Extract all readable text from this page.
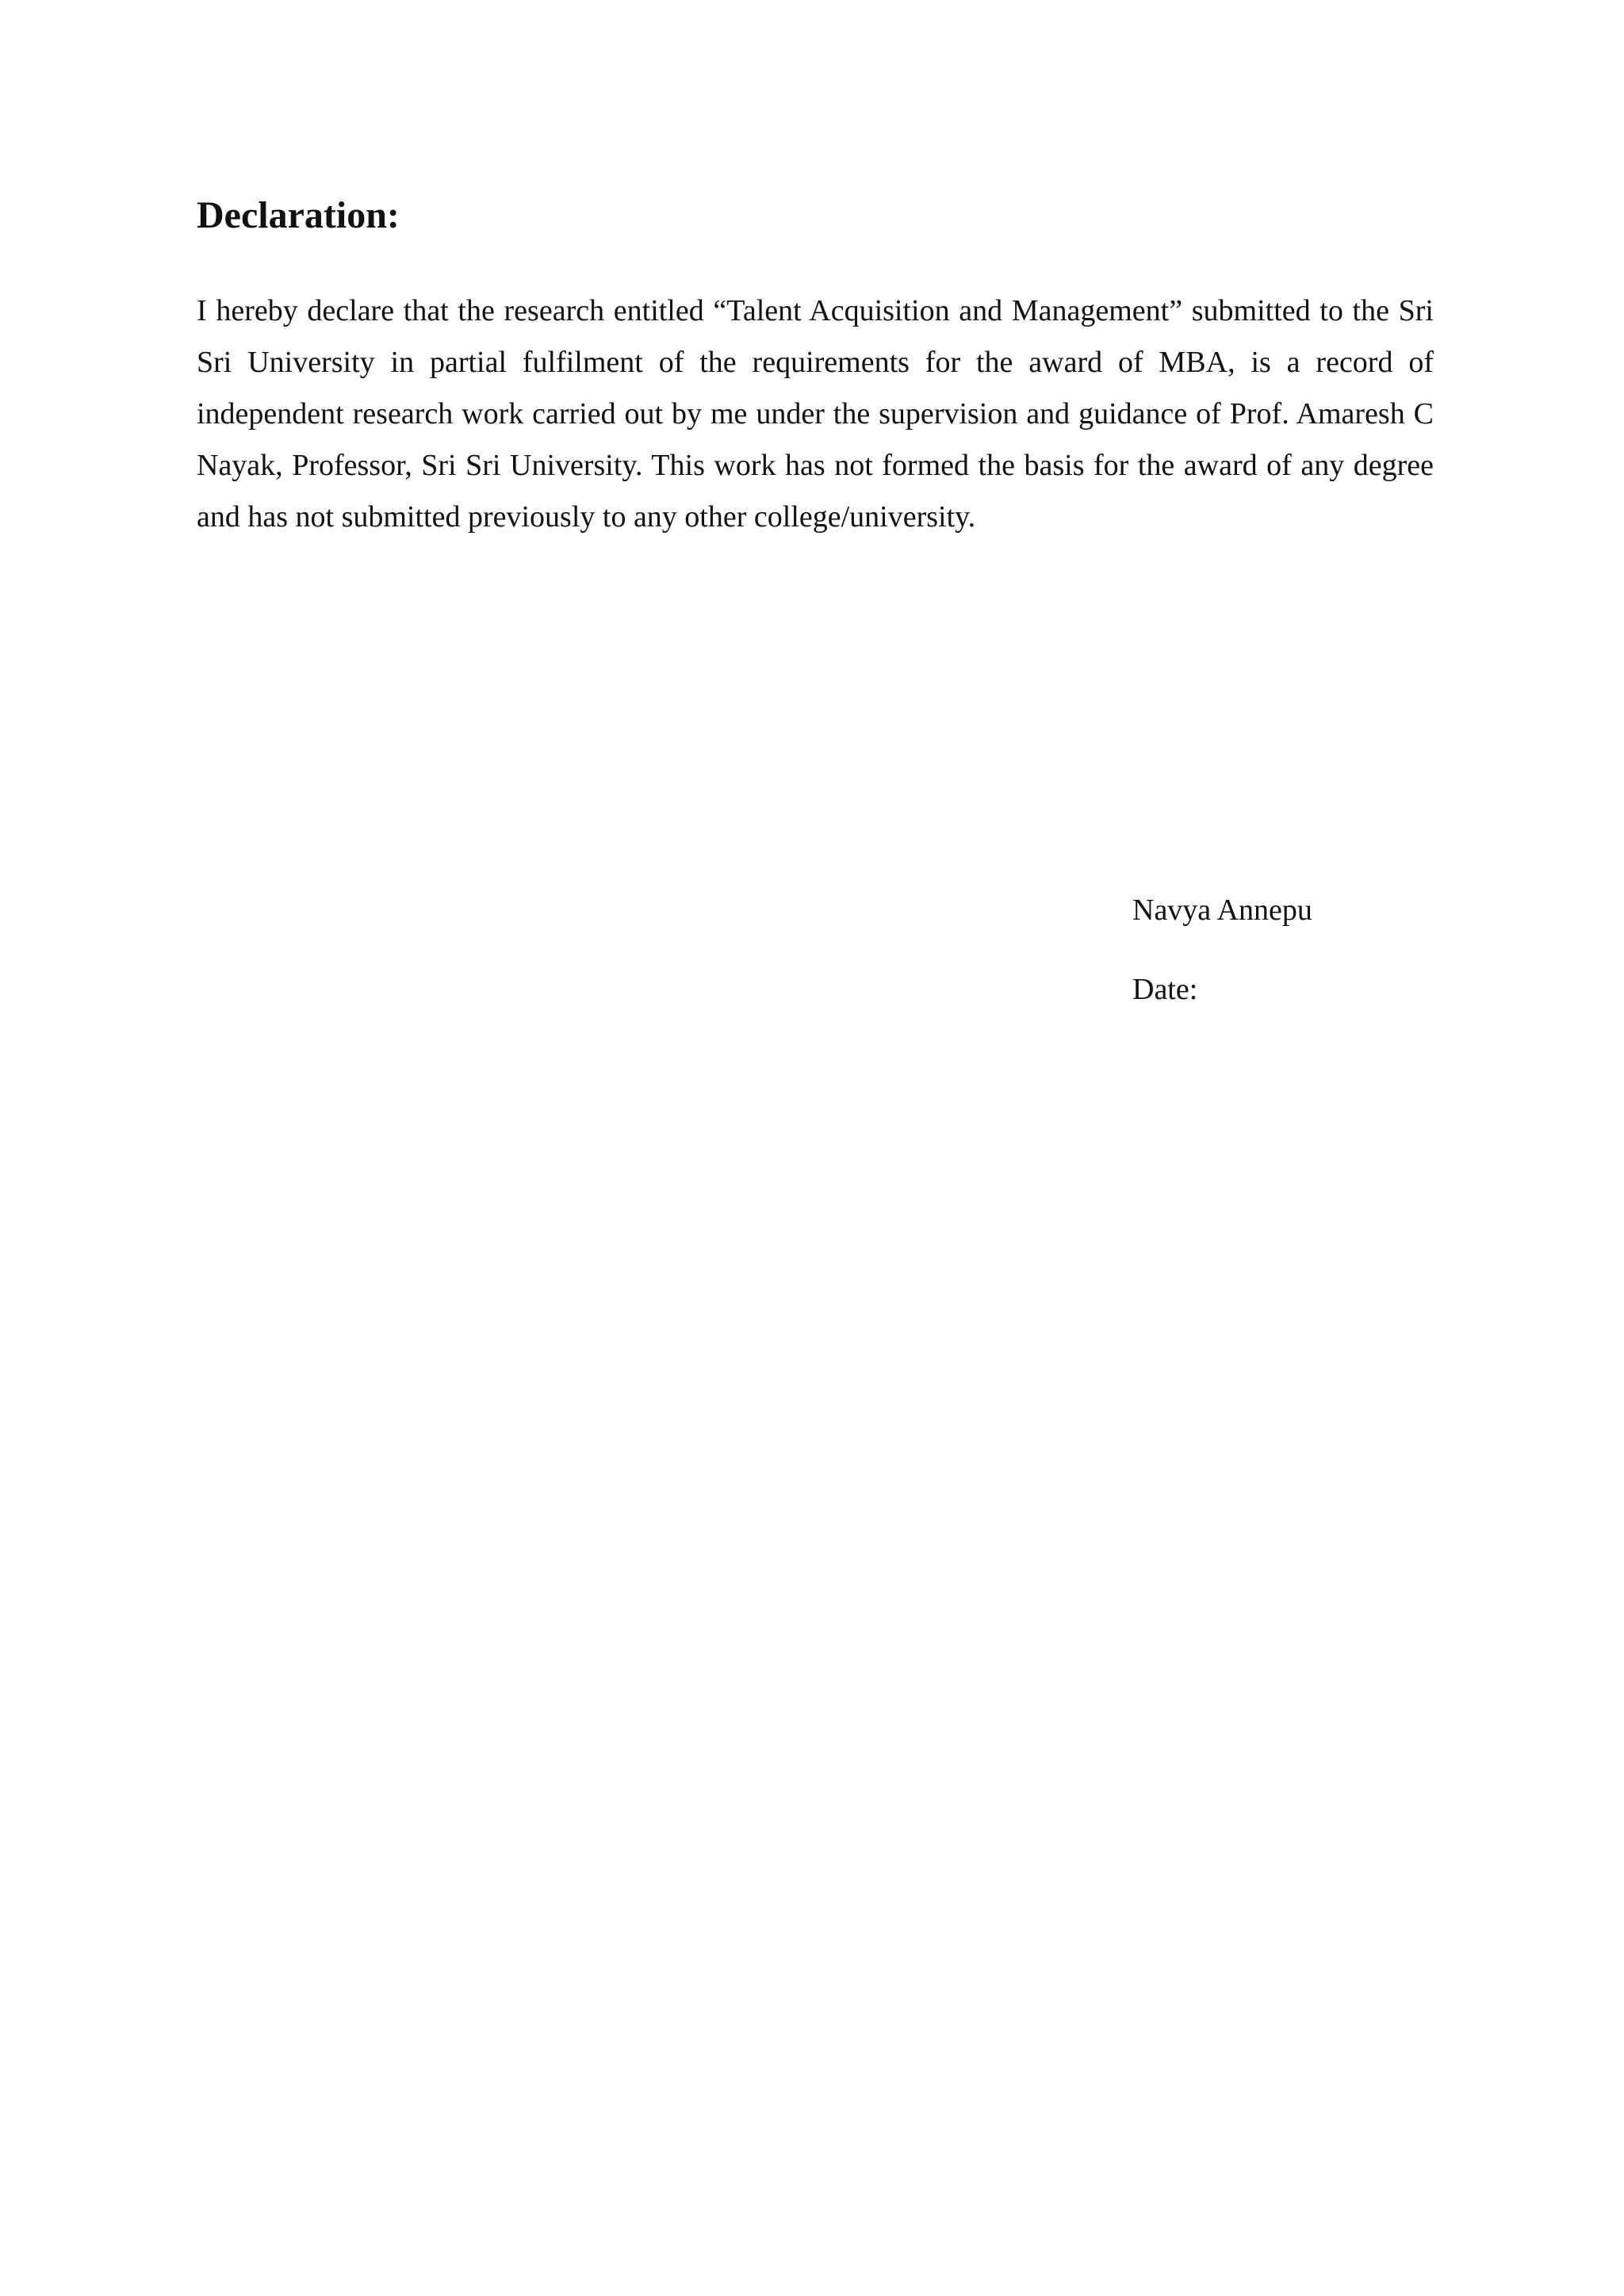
Declaration:

I hereby declare that the research entitled “Talent Acquisition and Management” submitted to the Sri Sri University in partial fulfilment of the requirements for the award of MBA, is a record of independent research work carried out by me under the supervision and guidance of Prof. Amaresh C Nayak, Professor, Sri Sri University. This work has not formed the basis for the award of any degree and has not submitted previously to any other college/university.

Navya Annepu

Date:
